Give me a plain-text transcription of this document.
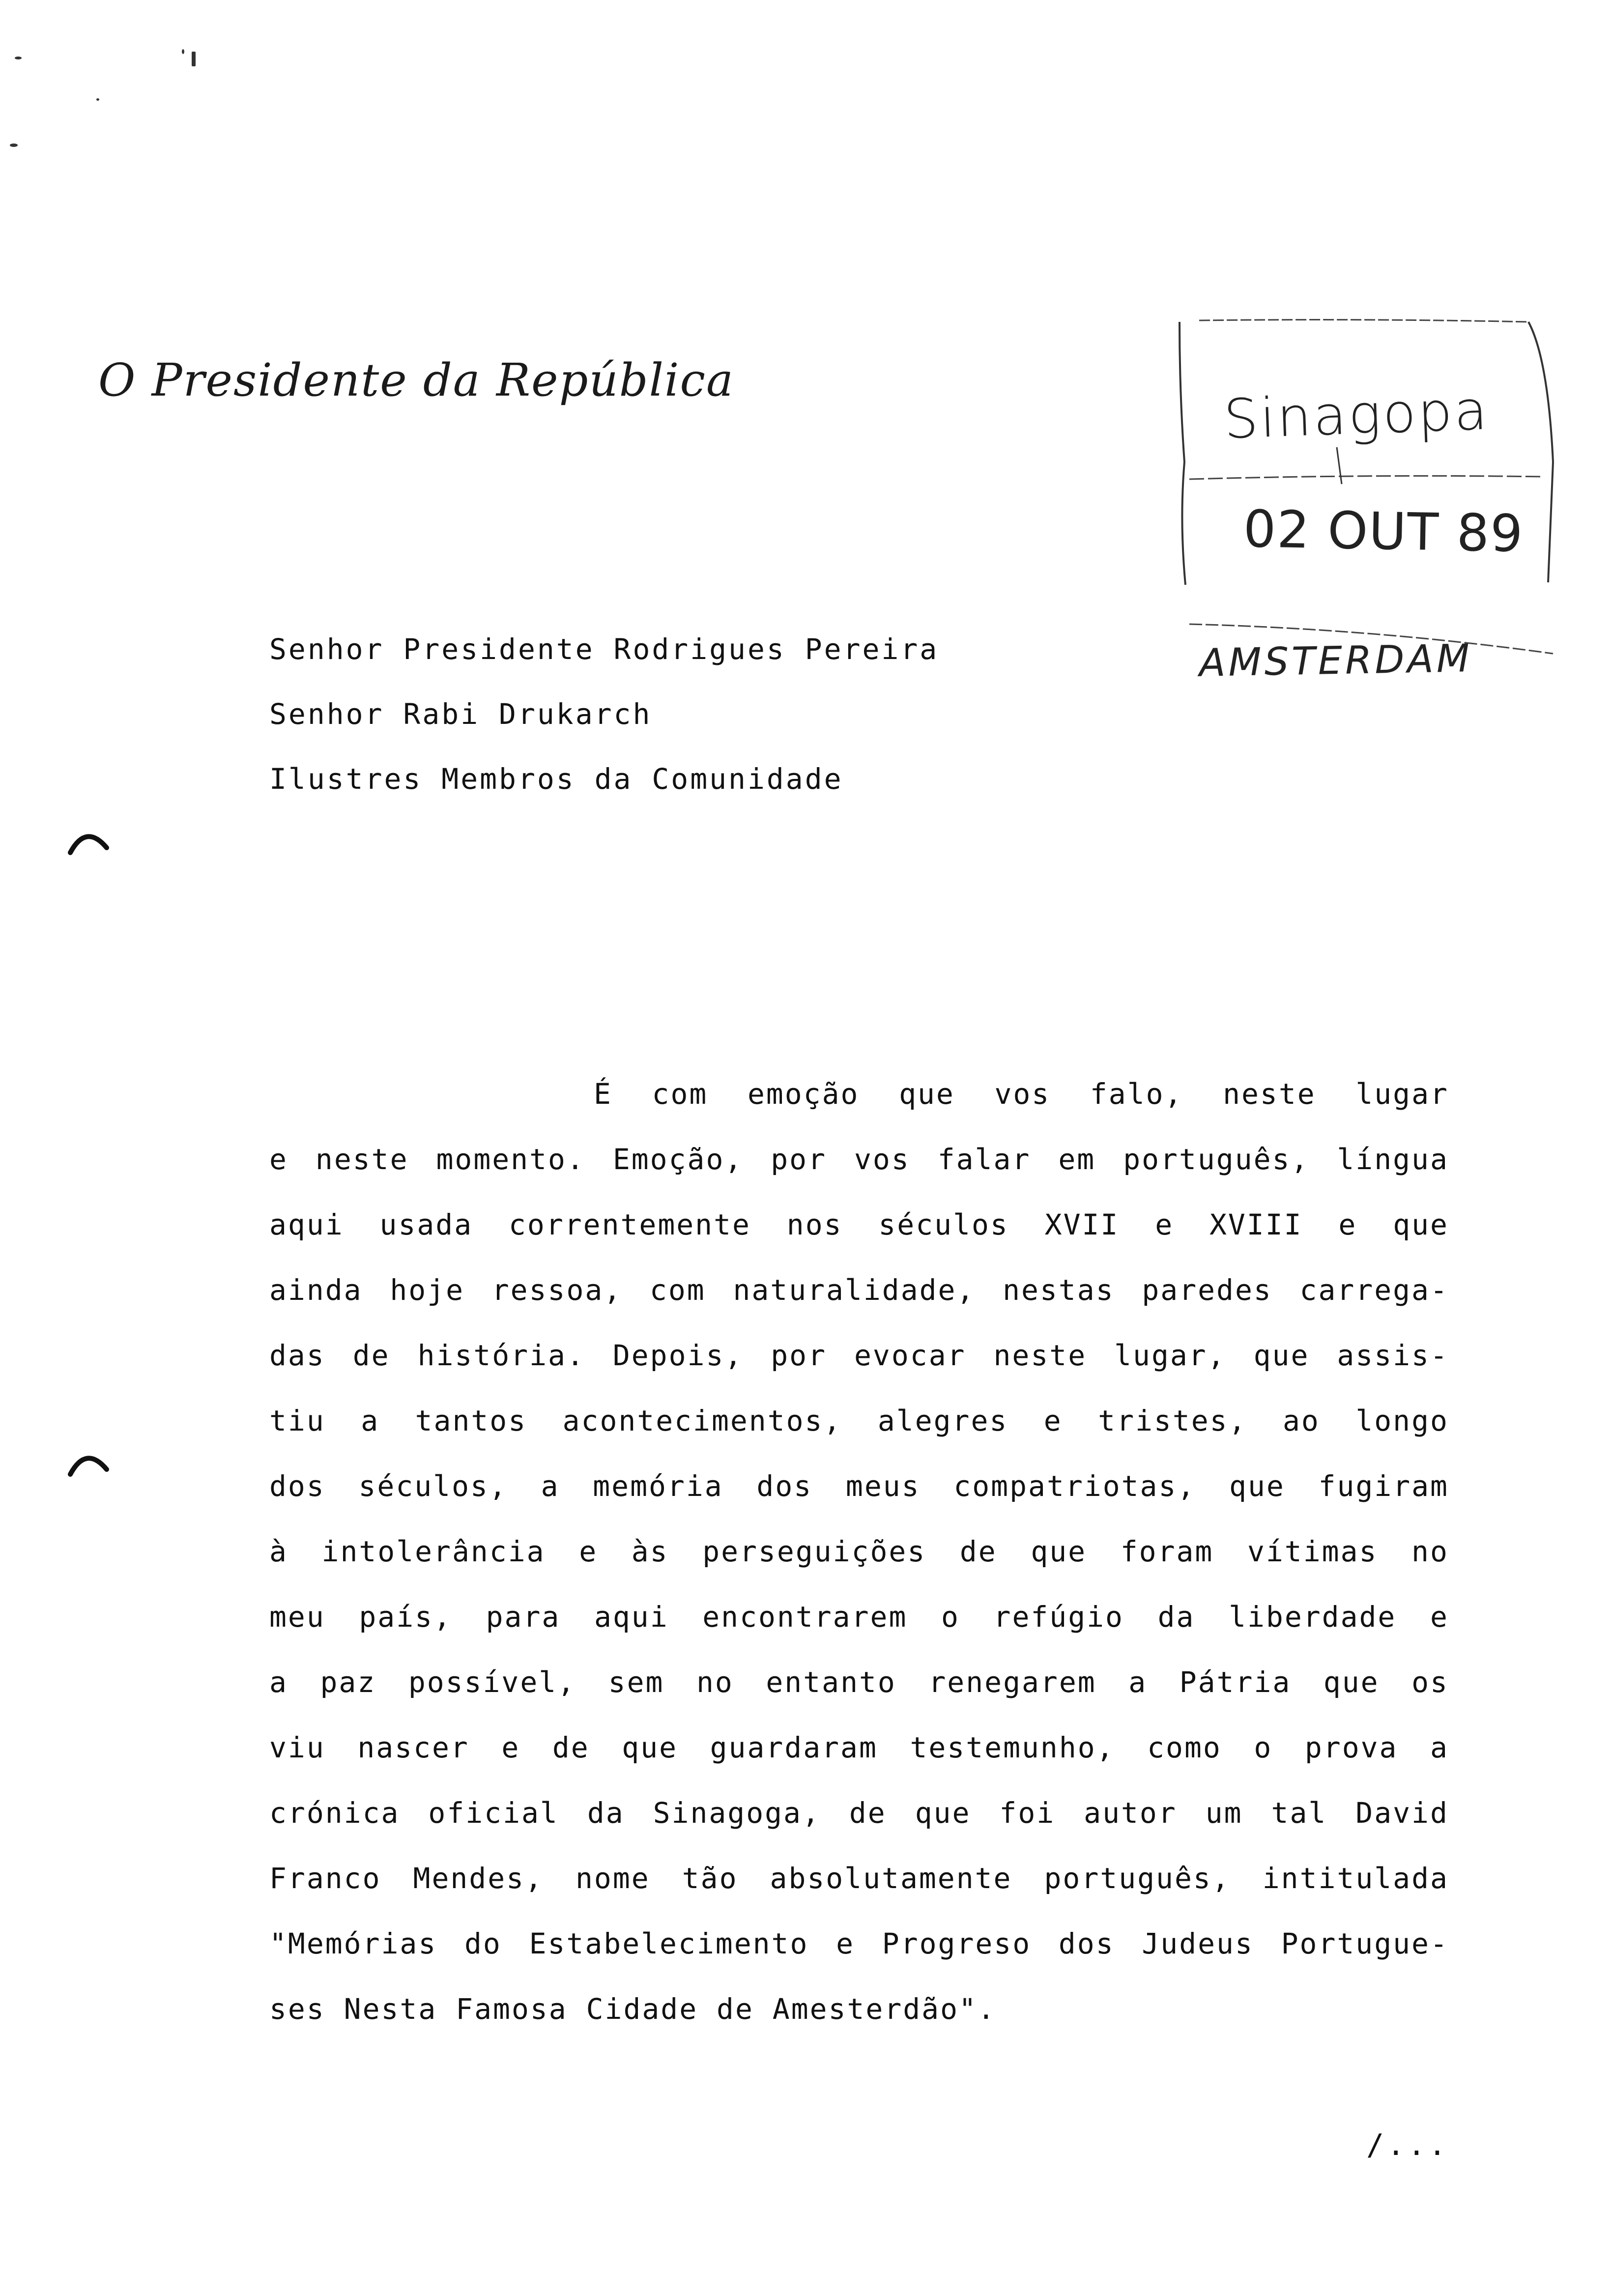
O Presidente da República	Sinagopa
02 OUT 89
AMSTERDAM
Senhor Presidente Rodrigues Pereira
Senhor Rabi Drukarch
Ilustres Membros da Comunidade
É com emoção que vos falo, neste lugar
e neste momento. Emoção, por vos falar em português, língua
aqui usada correntemente nos séculos XVII e XVIII e que
ainda hoje ressoa, com naturalidade, nestas paredes carrega-
das de história. Depois, por evocar neste lugar, que assis-
tiu a tantos acontecimentos, alegres e tristes, ao longo
dos séculos, a memória dos meus compatriotas, que fugiram
à intolerância e às perseguições de que foram vítimas no
meu país, para aqui encontrarem o refúgio da liberdade e
a paz possível, sem no entanto renegarem a Pátria que os
viu nascer e de que guardaram testemunho, como o prova a
crónica oficial da Sinagoga, de que foi autor um tal David
Franco Mendes, nome tão absolutamente português, intitulada
"Memórias do Estabelecimento e Progreso dos Judeus Portugue-
ses Nesta Famosa Cidade de Amesterdão".
/...
